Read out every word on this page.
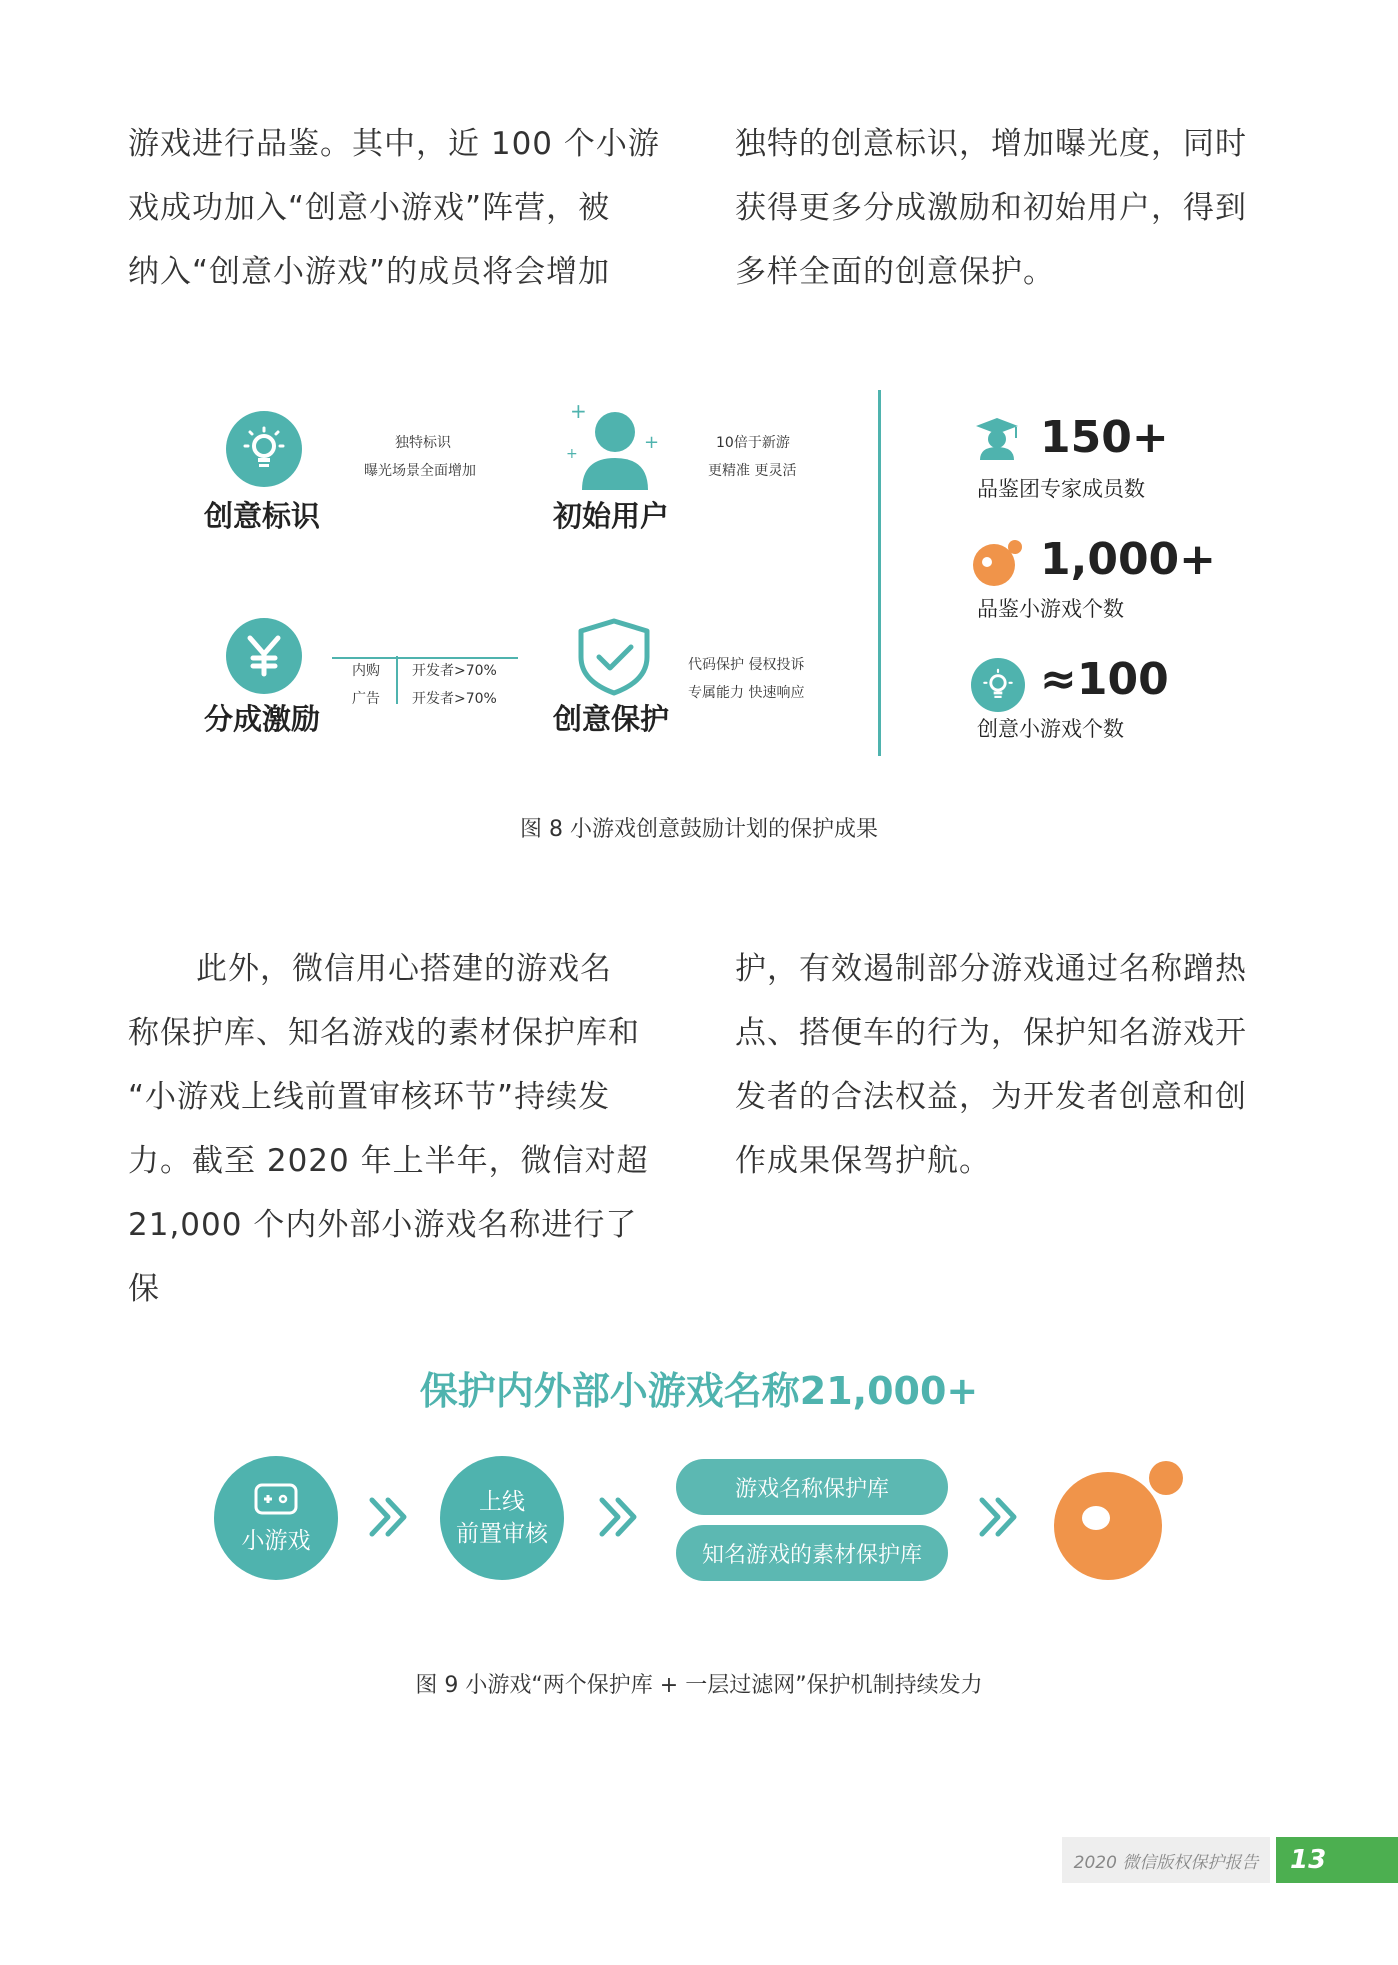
游戏进行品鉴。其中，近 100 个小游

戏成功加入“创意小游戏”阵营，被

纳入“创意小游戏”的成员将会增加

独特的创意标识，增加曝光度，同时

获得更多分成激励和初始用户，得到

多样全面的创意保护。

创意标识
独特标识
曝光场景全面增加
+
+
+
初始用户
10倍于新游
更精准 更灵活
分成激励
内购 开发者>70%
广告 开发者>70%
创意保护
代码保护 侵权投诉
专属能力 快速响应
150+
品鉴团专家成员数
1,000+
品鉴小游戏个数
≈100
创意小游戏个数
图 8 小游戏创意鼓励计划的保护成果

此外，微信用心搭建的游戏名

称保护库、知名游戏的素材保护库和

“小游戏上线前置审核环节”持续发

力。截至 2020 年上半年，微信对超

21,000 个内外部小游戏名称进行了保

护，有效遏制部分游戏通过名称蹭热

点、搭便车的行为，保护知名游戏开

发者的合法权益，为开发者创意和创

作成果保驾护航。

保护内外部小游戏名称21,000+
小游戏
上线
前置审核
游戏名称保护库
知名游戏的素材保护库
图 9 小游戏“两个保护库 + 一层过滤网”保护机制持续发力
2020 微信版权保护报告 13
